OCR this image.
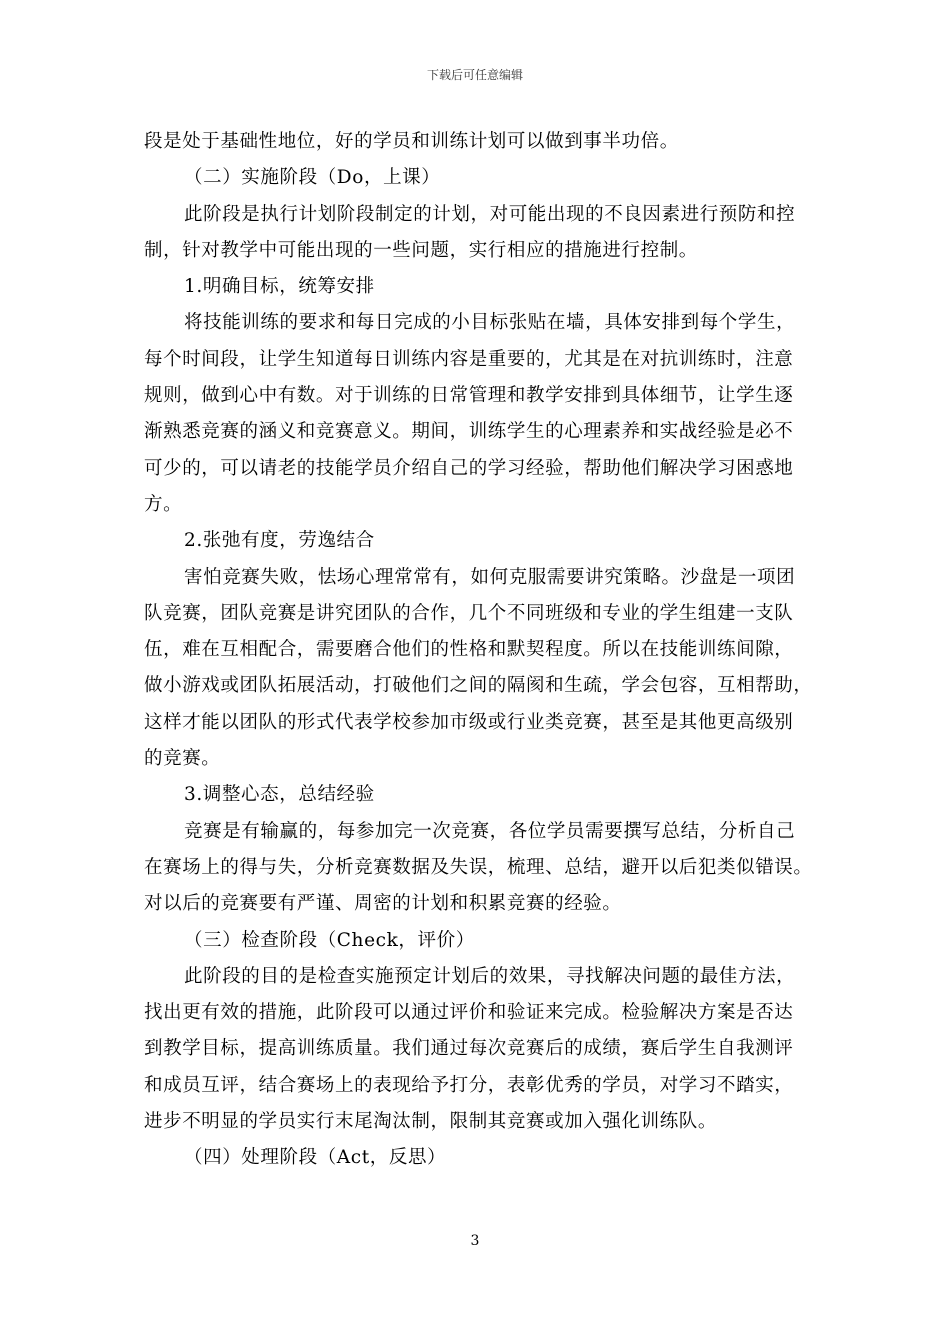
下载后可任意编辑
段是处于基础性地位，好的学员和训练计划可以做到事半功倍。
（二）实施阶段（Do，上课）
此阶段是执行计划阶段制定的计划，对可能出现的不良因素进行预防和控
制，针对教学中可能出现的一些问题，实行相应的措施进行控制。
1.明确目标，统筹安排
将技能训练的要求和每日完成的小目标张贴在墙，具体安排到每个学生，
每个时间段，让学生知道每日训练内容是重要的，尤其是在对抗训练时，注意
规则，做到心中有数。对于训练的日常管理和教学安排到具体细节，让学生逐
渐熟悉竞赛的涵义和竞赛意义。期间，训练学生的心理素养和实战经验是必不
可少的，可以请老的技能学员介绍自己的学习经验，帮助他们解决学习困惑地
方。
2.张弛有度，劳逸结合
害怕竞赛失败，怯场心理常常有，如何克服需要讲究策略。沙盘是一项团
队竞赛，团队竞赛是讲究团队的合作，几个不同班级和专业的学生组建一支队
伍，难在互相配合，需要磨合他们的性格和默契程度。所以在技能训练间隙，
做小游戏或团队拓展活动，打破他们之间的隔阂和生疏，学会包容，互相帮助，
这样才能以团队的形式代表学校参加市级或行业类竞赛，甚至是其他更高级别
的竞赛。
3.调整心态，总结经验
竞赛是有输赢的，每参加完一次竞赛，各位学员需要撰写总结，分析自己
在赛场上的得与失，分析竞赛数据及失误，梳理、总结，避开以后犯类似错误。
对以后的竞赛要有严谨、周密的计划和积累竞赛的经验。
（三）检查阶段（Check，评价）
此阶段的目的是检查实施预定计划后的效果，寻找解决问题的最佳方法，
找出更有效的措施，此阶段可以通过评价和验证来完成。检验解决方案是否达
到教学目标，提高训练质量。我们通过每次竞赛后的成绩，赛后学生自我测评
和成员互评，结合赛场上的表现给予打分，表彰优秀的学员，对学习不踏实，
进步不明显的学员实行末尾淘汰制，限制其竞赛或加入强化训练队。
（四）处理阶段（Act，反思）
3
